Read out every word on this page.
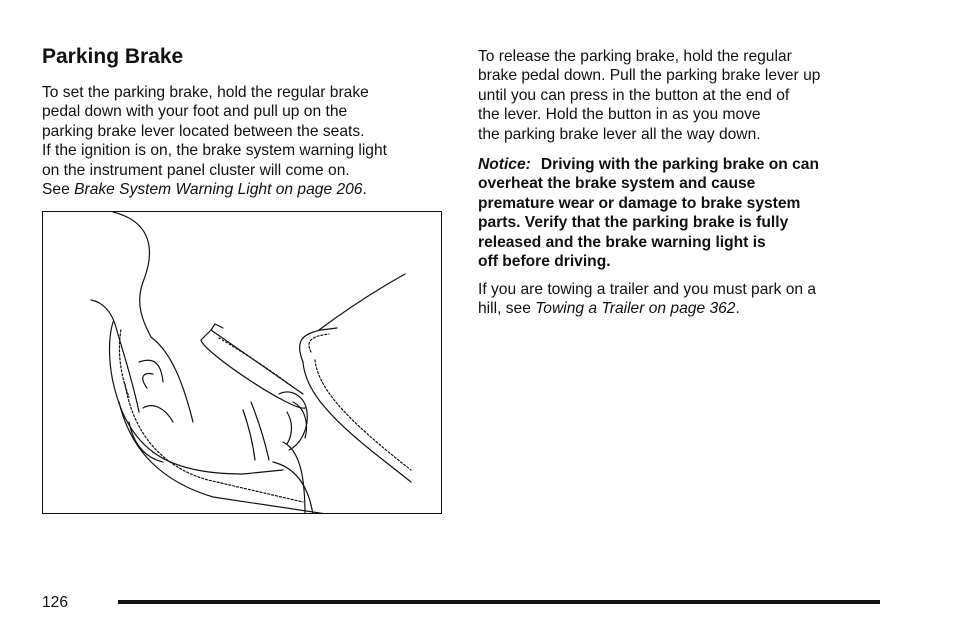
Parking Brake
To set the parking brake, hold the regular brake
pedal down with your foot and pull up on the
parking brake lever located between the seats.
If the ignition is on, the brake system warning light
on the instrument panel cluster will come on.
See Brake System Warning Light on page 206.
To release the parking brake, hold the regular
brake pedal down. Pull the parking brake lever up
until you can press in the button at the end of
the lever. Hold the button in as you move
the parking brake lever all the way down.
Notice: Driving with the parking brake on can
overheat the brake system and cause
premature wear or damage to brake system
parts. Verify that the parking brake is fully
released and the brake warning light is
off before driving.
If you are towing a trailer and you must park on a
hill, see Towing a Trailer on page 362.
126
